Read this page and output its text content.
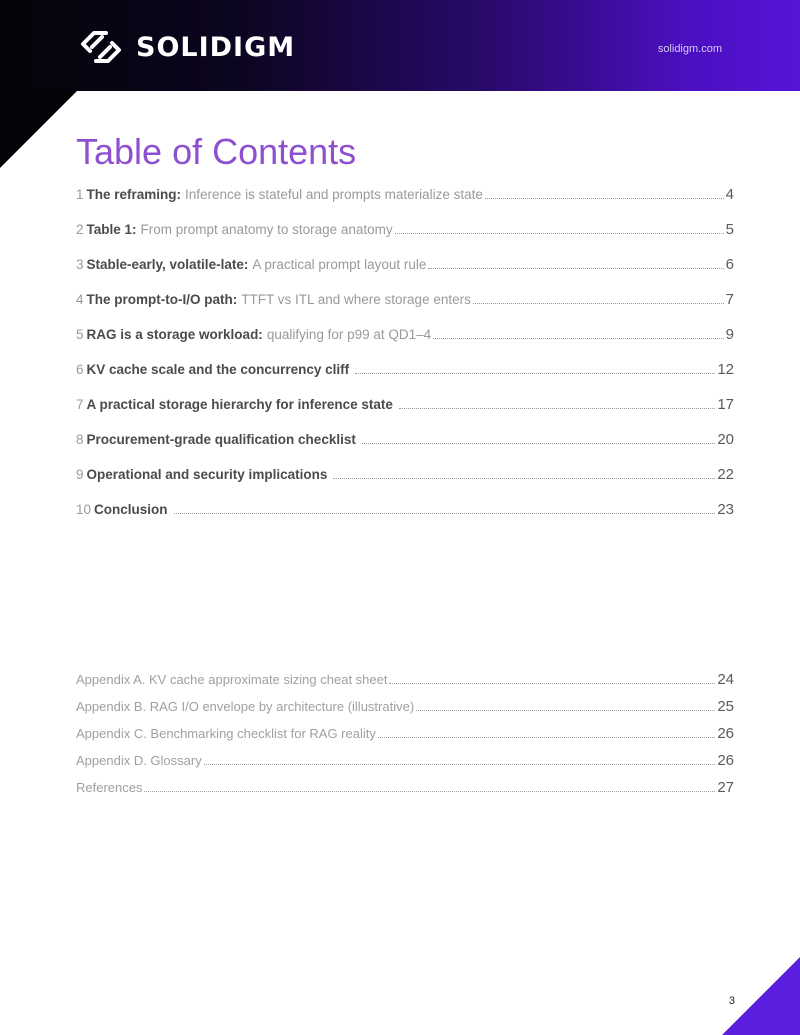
SOLIDIGM	solidigm.com
Table of Contents
1 The reframing: Inference is stateful and prompts materialize state	4
2 Table 1: From prompt anatomy to storage anatomy	5
3 Stable-early, volatile-late: A practical prompt layout rule	6
4 The prompt-to-I/O path: TTFT vs ITL and where storage enters	7
5 RAG is a storage workload: qualifying for p99 at QD1–4	9
6 KV cache scale and the concurrency cliff	12
7 A practical storage hierarchy for inference state	17
8 Procurement-grade qualification checklist	20
9 Operational and security implications	22
10 Conclusion	23
Appendix A. KV cache approximate sizing cheat sheet	24
Appendix B. RAG I/O envelope by architecture (illustrative)	25
Appendix C. Benchmarking checklist for RAG reality	26
Appendix D. Glossary	26
References	27
3
